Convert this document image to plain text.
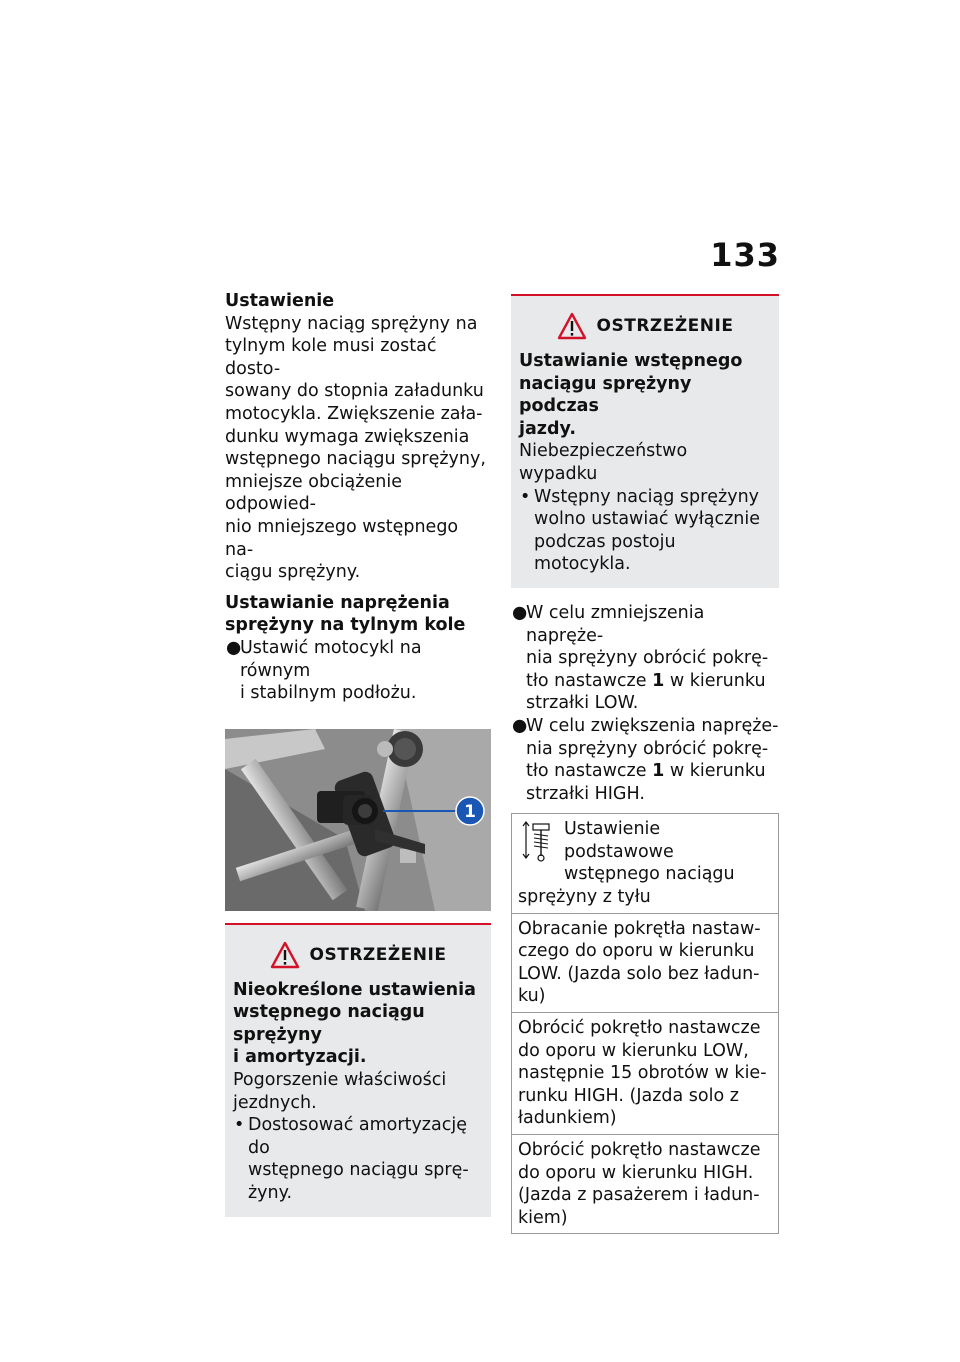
133
Ustawienie

Wstępny naciąg sprężyny na
tylnym kole musi zostać dosto-
sowany do stopnia załadunku
motocykla. Zwiększenie zała-
dunku wymaga zwiększenia
wstępnego naciągu sprężyny,
mniejsze obciążenie odpowied-
nio mniejszego wstępnego na-
ciągu sprężyny.

Ustawianie naprężenia
sprężyny na tylnym kole
●
Ustawić motocykl na równym
i stabilnym podłożu.
1
OSTRZEŻENIE

Nieokreślone ustawienia
wstępnego naciągu sprężyny
i amortyzacji.

Pogorszenie właściwości
jezdnych.

• Dostosować amortyzację do
wstępnego naciągu sprę-
żyny.
OSTRZEŻENIE

Ustawianie wstępnego
naciągu sprężyny podczas
jazdy.

Niebezpieczeństwo wypadku

• Wstępny naciąg sprężyny
wolno ustawiać wyłącznie
podczas postoju motocykla.
●
W celu zmniejszenia napręże-
nia sprężyny obrócić pokrę-
tło nastawcze 1 w kierunku
strzałki LOW.
●
W celu zwiększenia napręże-
nia sprężyny obrócić pokrę-
tło nastawcze 1 w kierunku
strzałki HIGH.
Ustawienie podstawowe
wstępnego naciągu
sprężyny z tyłu
Obracanie pokrętła nastaw-
czego do oporu w kierunku
LOW. (Jazda solo bez ładun-
ku)
Obrócić pokrętło nastawcze
do oporu w kierunku LOW,
następnie 15 obrotów w kie-
runku HIGH. (Jazda solo z
ładunkiem)
Obrócić pokrętło nastawcze
do oporu w kierunku HIGH.
(Jazda z pasażerem i ładun-
kiem)
